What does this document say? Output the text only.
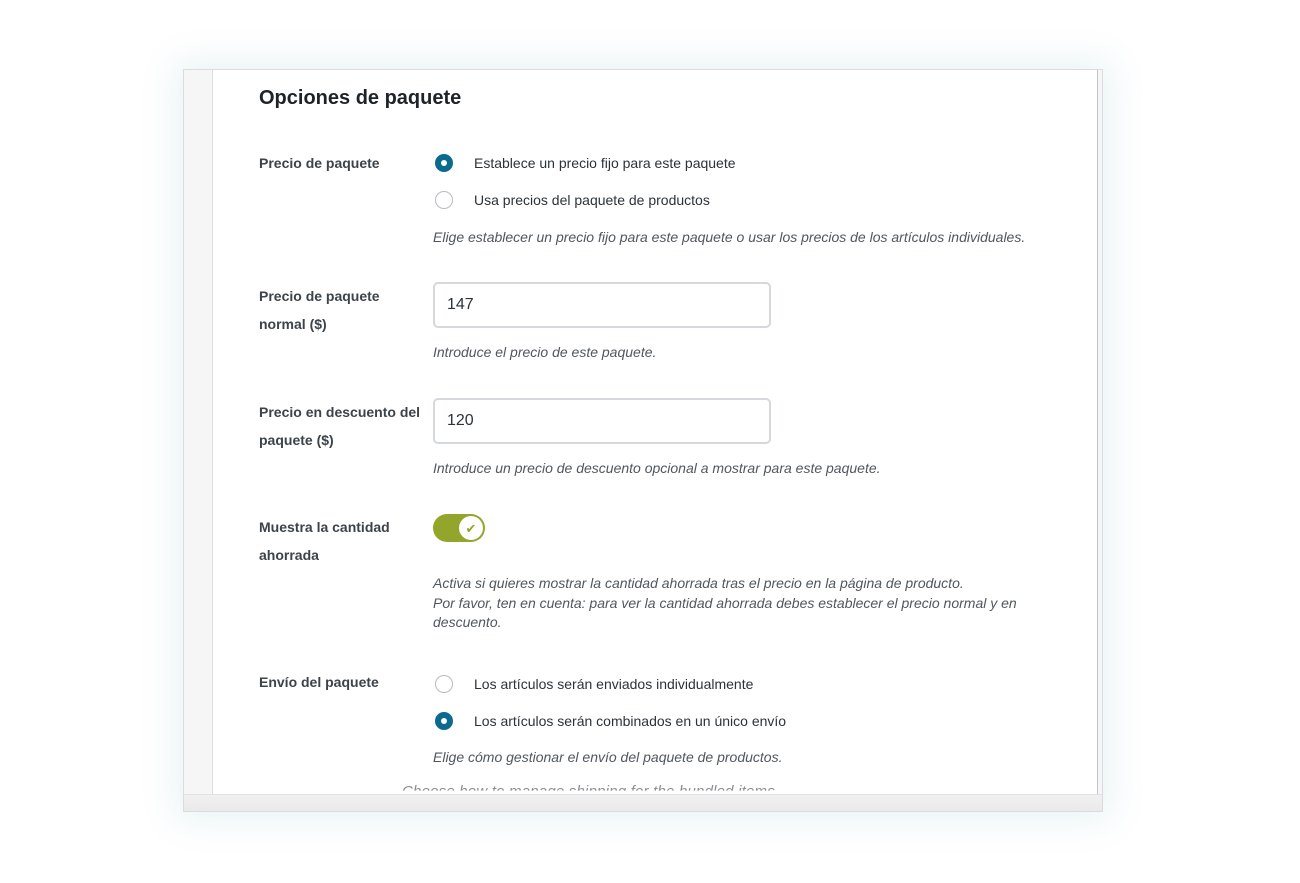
Opciones de paquete
Precio de paquete	Establece un precio fijo para este paquete
Usa precios del paquete de productos
Elige establecer un precio fijo para este paquete o usar los precios de los artículos individuales.
Precio de paquete normal ($)
147
Introduce el precio de este paquete.
Precio en descuento del paquete ($)
120
Introduce un precio de descuento opcional a mostrar para este paquete.
Muestra la cantidad ahorrada
✔
Activa si quieres mostrar la cantidad ahorrada tras el precio en la página de producto.
Por favor, ten en cuenta: para ver la cantidad ahorrada debes establecer el precio normal y en descuento.
Envío del paquete	Los artículos serán enviados individualmente
Los artículos serán combinados en un único envío
Elige cómo gestionar el envío del paquete de productos.
